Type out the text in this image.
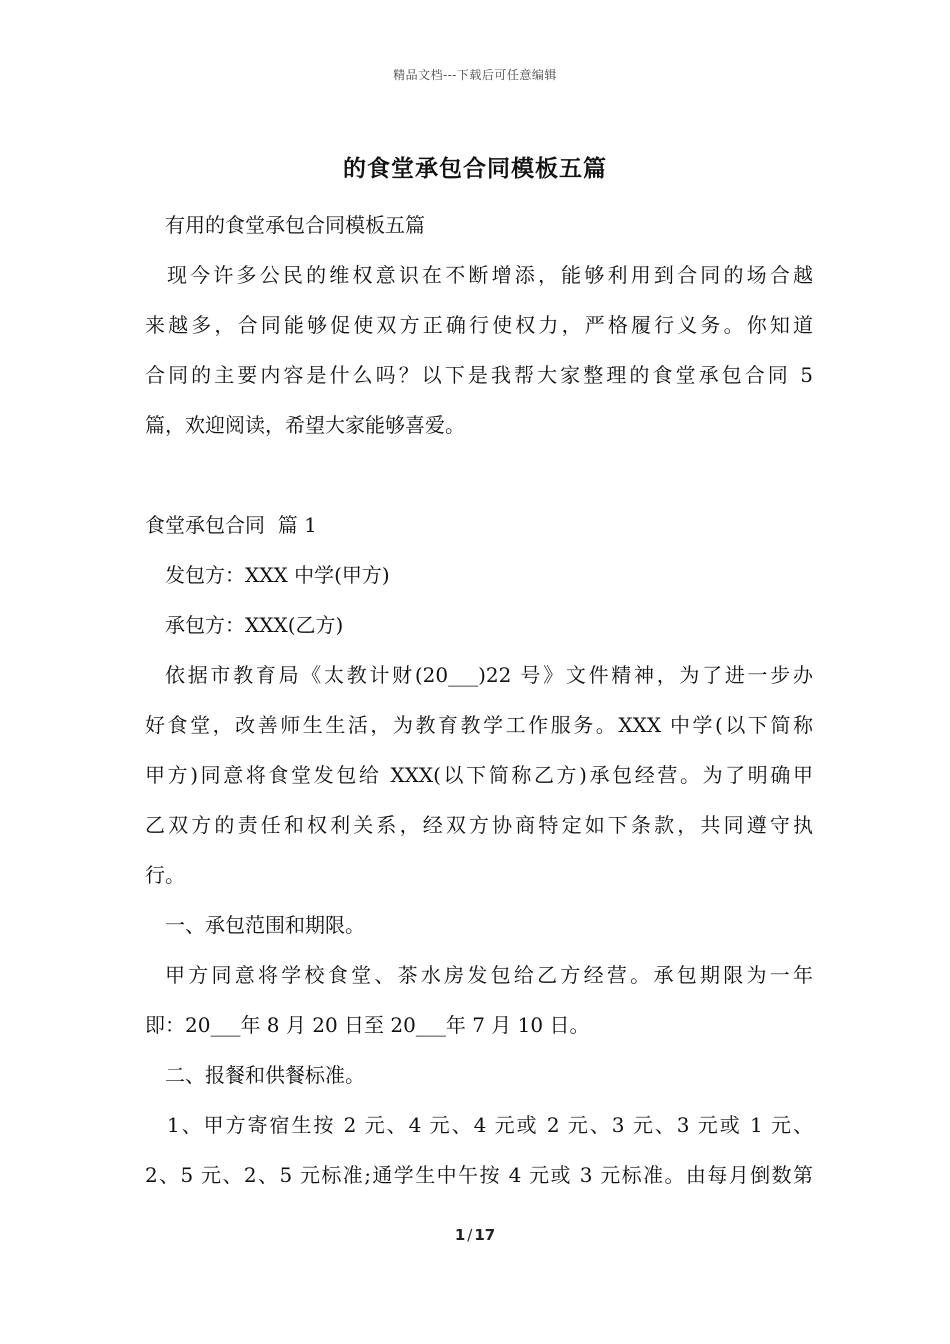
精品文档---下载后可任意编辑
的食堂承包合同模板五篇
有用的食堂承包合同模板五篇
现今许多公民的维权意识在不断增添，能够利用到合同的场合越
来越多，合同能够促使双方正确行使权力，严格履行义务。你知道
合同的主要内容是什么吗？以下是我帮大家整理的食堂承包合同 5
篇，欢迎阅读，希望大家能够喜爱。
食堂承包合同  篇 1
发包方：XXX 中学(甲方)
承包方：XXX(乙方)
依据市教育局《太教计财(20___)22 号》文件精神，为了进一步办
好食堂，改善师生生活，为教育教学工作服务。XXX 中学(以下简称
甲方)同意将食堂发包给 XXX(以下简称乙方)承包经营。为了明确甲
乙双方的责任和权利关系，经双方协商特定如下条款，共同遵守执
行。
一、承包范围和期限。
甲方同意将学校食堂、茶水房发包给乙方经营。承包期限为一年
即：20___年 8 月 20 日至 20___年 7 月 10 日。
二、报餐和供餐标准。
1、甲方寄宿生按 2 元、4 元、4 元或 2 元、3 元、3 元或 1 元、
2、5 元、2、5 元标准;通学生中午按 4 元或 3 元标准。由每月倒数第
1 / 17
